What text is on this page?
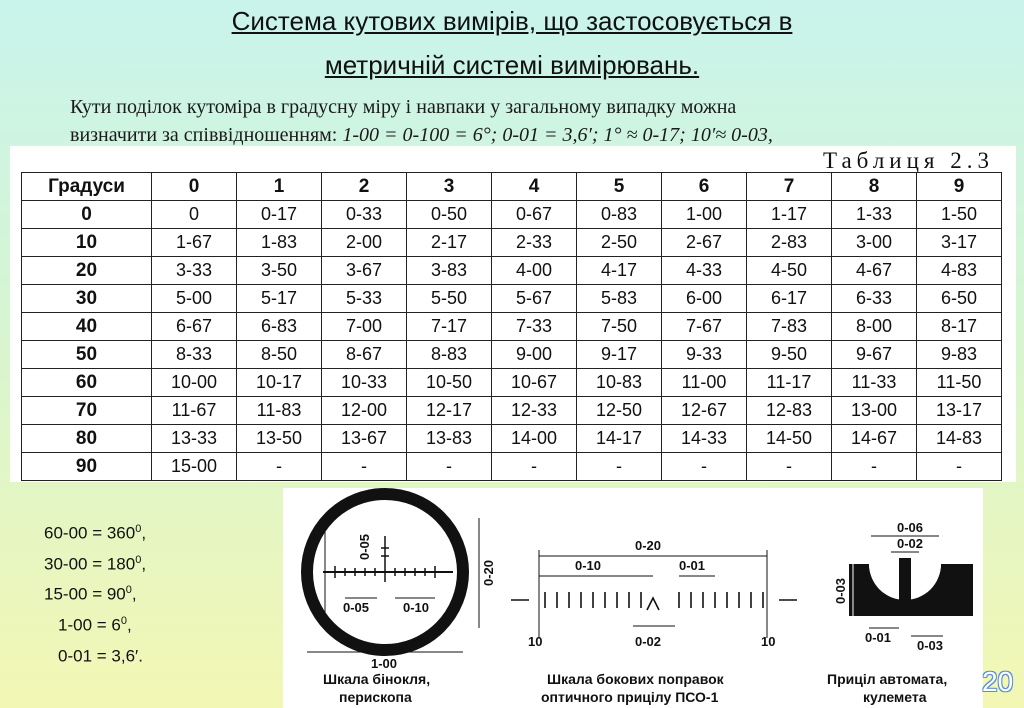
Система кутових вимірів, що застосовується в
метричній системі вимірювань.
Кути поділок кутоміра в градусну міру і навпаки у загальному випадку можна
визначити за співвідношенням: 1-00 = 0-100 = 6°; 0-01 = 3,6′; 1° ≈ 0-17; 10′≈ 0-03,
Таблиця 2.3
Градуси	0	1	2	3	4	5	6	7	8	9
0	0	0-17	0-33	0-50	0-67	0-83	1-00	1-17	1-33	1-50
10	1-67	1-83	2-00	2-17	2-33	2-50	2-67	2-83	3-00	3-17
20	3-33	3-50	3-67	3-83	4-00	4-17	4-33	4-50	4-67	4-83
30	5-00	5-17	5-33	5-50	5-67	5-83	6-00	6-17	6-33	6-50
40	6-67	6-83	7-00	7-17	7-33	7-50	7-67	7-83	8-00	8-17
50	8-33	8-50	8-67	8-83	9-00	9-17	9-33	9-50	9-67	9-83
60	10-00	10-17	10-33	10-50	10-67	10-83	11-00	11-17	11-33	11-50
70	11-67	11-83	12-00	12-17	12-33	12-50	12-67	12-83	13-00	13-17
80	13-33	13-50	13-67	13-83	14-00	14-17	14-33	14-50	14-67	14-83
90	15-00	-	-	-	-	-	-	-	-	-
$60-00 = 360^0$,
$30-00 = 180^0$,
$15-00 = 90^0$,
$1-00 = 6^0$,
0-01 = 3,6′.
0-05	0-20
0-05
0-05	0-10
1-00
Шкала бінокля,
перископа
0-20
0-10	0-01
0-02
10	10
Шкала бокових поправок
оптичного прицілу ПСО-1
0-06
0-02
0-03
0-01
0-03
Приціл автомата,
кулемета 20
